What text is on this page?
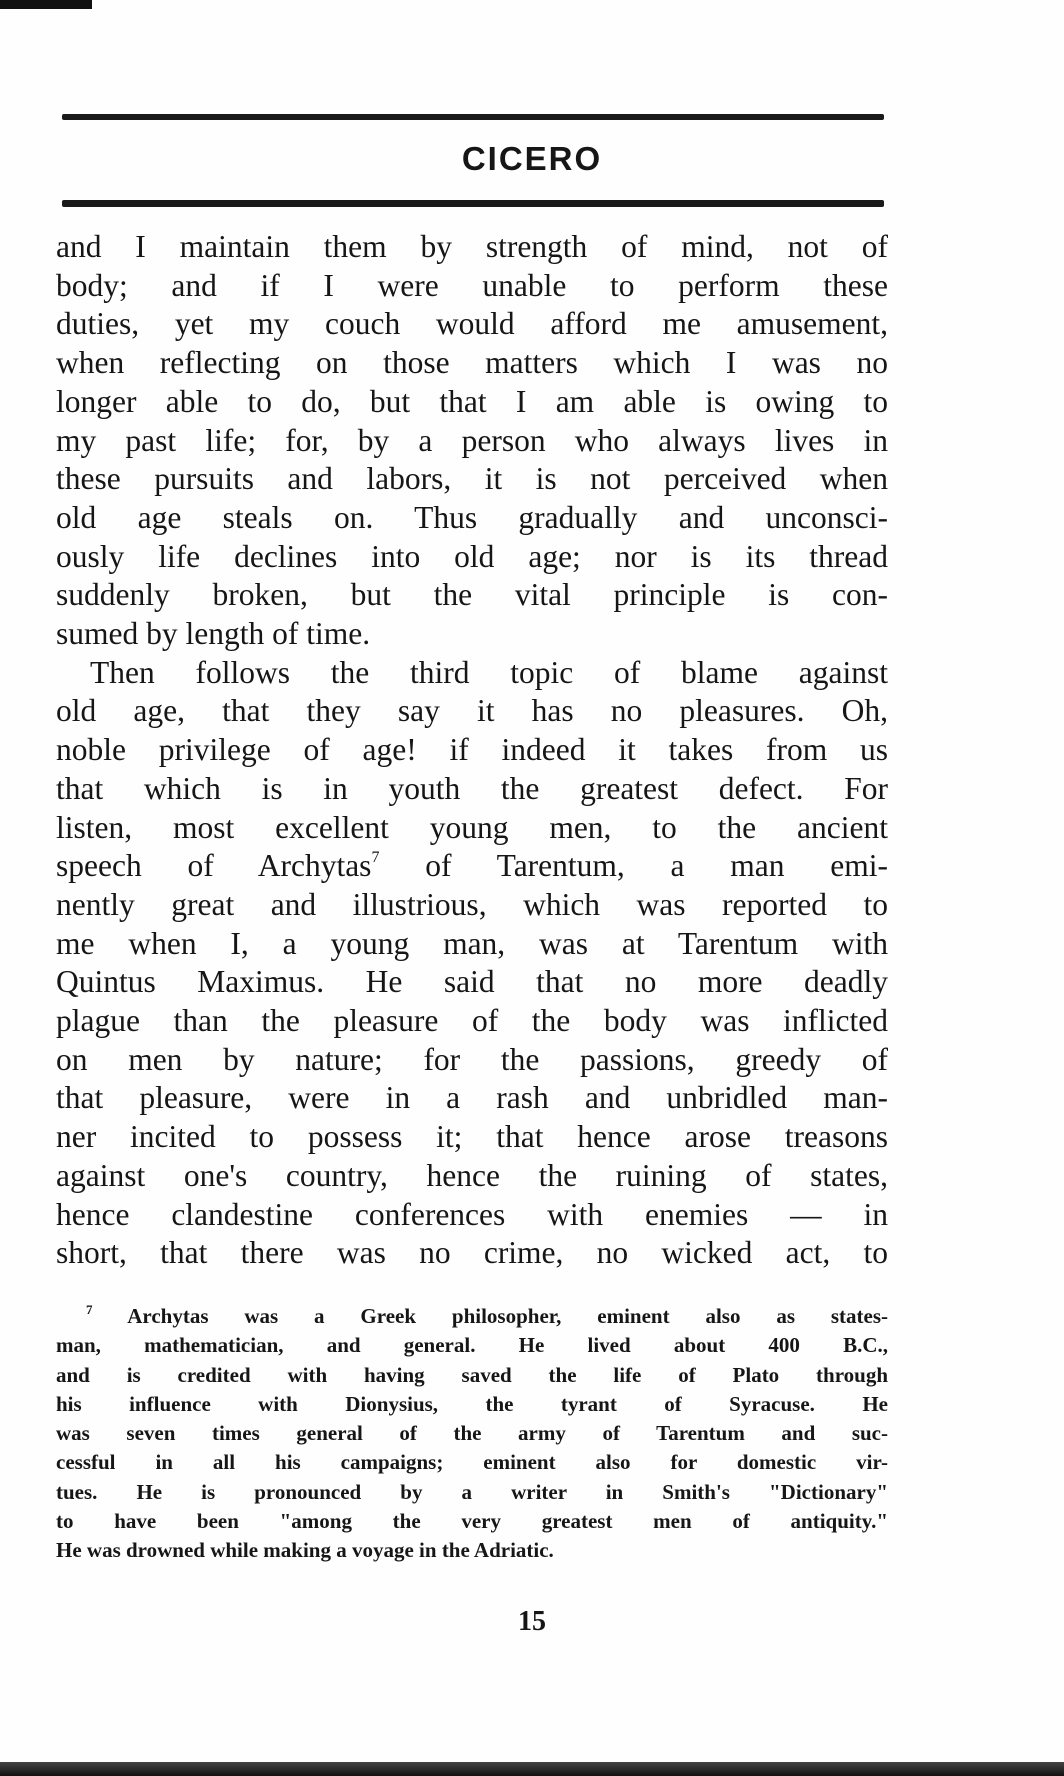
CICERO
and I maintain them by strength of mind, not of
body; and if I were unable to perform these
duties, yet my couch would afford me amusement,
when reflecting on those matters which I was no
longer able to do, but that I am able is owing to
my past life; for, by a person who always lives in
these pursuits and labors, it is not perceived when
old age steals on. Thus gradually and unconsci-
ously life declines into old age; nor is its thread
suddenly broken, but the vital principle is con-
sumed by length of time.
Then follows the third topic of blame against
old age, that they say it has no pleasures. Oh,
noble privilege of age! if indeed it takes from us
that which is in youth the greatest defect. For
listen, most excellent young men, to the ancient
speech of Archytas$^7$ of Tarentum, a man emi-
nently great and illustrious, which was reported to
me when I, a young man, was at Tarentum with
Quintus Maximus. He said that no more deadly
plague than the pleasure of the body was inflicted
on men by nature; for the passions, greedy of
that pleasure, were in a rash and unbridled man-
ner incited to possess it; that hence arose treasons
against one's country, hence the ruining of states,
hence clandestine conferences with enemies — in
short, that there was no crime, no wicked act, to
$^7$ Archytas was a Greek philosopher, eminent also as states-
man, mathematician, and general. He lived about 400 B.C.,
and is credited with having saved the life of Plato through
his influence with Dionysius, the tyrant of Syracuse. He
was seven times general of the army of Tarentum and suc-
cessful in all his campaigns; eminent also for domestic vir-
tues. He is pronounced by a writer in Smith's "Dictionary"
to have been "among the very greatest men of antiquity."
He was drowned while making a voyage in the Adriatic.
15
